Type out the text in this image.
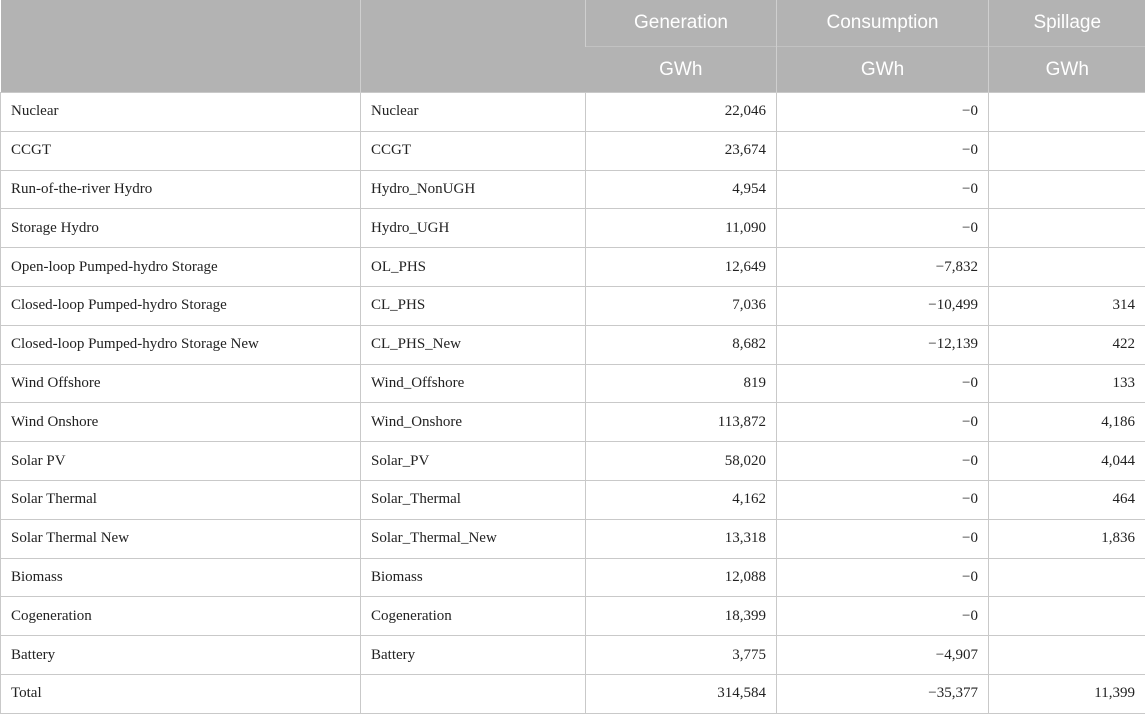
		Generation	Consumption	Spillage
		GWh	GWh	GWh
Nuclear	Nuclear	22,046	−0	
CCGT	CCGT	23,674	−0	
Run-of-the-river Hydro	Hydro_NonUGH	4,954	−0	
Storage Hydro	Hydro_UGH	11,090	−0	
Open-loop Pumped-hydro Storage	OL_PHS	12,649	−7,832	
Closed-loop Pumped-hydro Storage	CL_PHS	7,036	−10,499	314
Closed-loop Pumped-hydro Storage New	CL_PHS_New	8,682	−12,139	422
Wind Offshore	Wind_Offshore	819	−0	133
Wind Onshore	Wind_Onshore	113,872	−0	4,186
Solar PV	Solar_PV	58,020	−0	4,044
Solar Thermal	Solar_Thermal	4,162	−0	464
Solar Thermal New	Solar_Thermal_New	13,318	−0	1,836
Biomass	Biomass	12,088	−0	
Cogeneration	Cogeneration	18,399	−0	
Battery	Battery	3,775	−4,907	
Total		314,584	−35,377	11,399
